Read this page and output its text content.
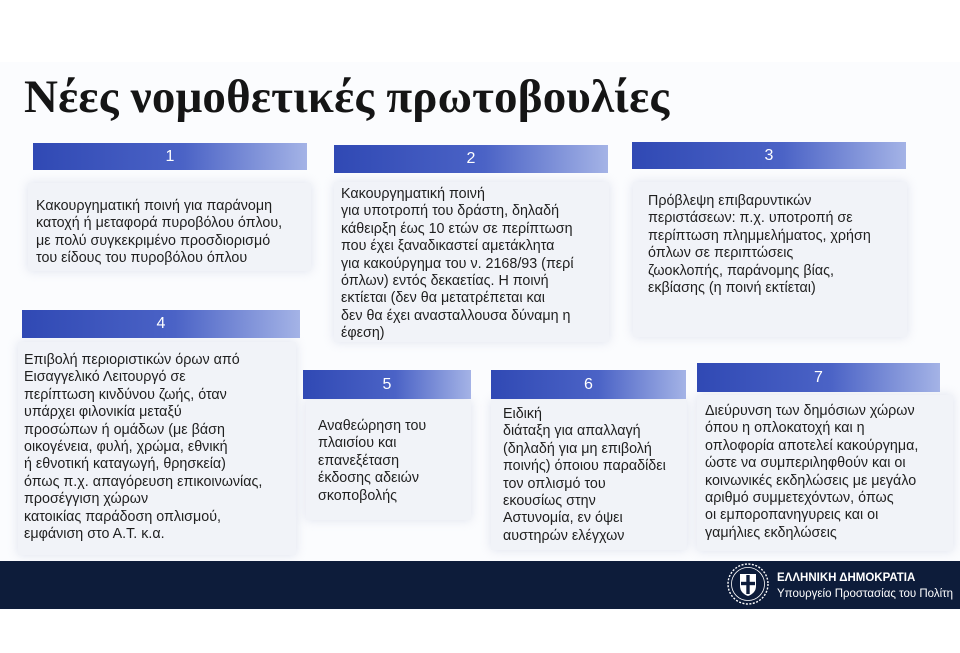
Νέες νομοθετικές πρωτοβουλίες
1
Κακουργηματική ποινή για παράνομη
κατοχή ή μεταφορά πυροβόλου όπλου,
με πολύ συγκεκριμένο προσδιορισμό
του είδους του πυροβόλου όπλου
2
Κακουργηματική ποινή
για υποτροπή του δράστη, δηλαδή
κάθειρξη έως 10 ετών σε περίπτωση
που έχει ξαναδικαστεί αμετάκλητα
για κακούργημα του ν. 2168/93 (περί
όπλων) εντός δεκαετίας. Η ποινή
εκτίεται (δεν θα μετατρέπεται και
δεν θα έχει ανασταλλουσα δύναμη η
έφεση)
3
Πρόβλεψη επιβαρυντικών
περιστάσεων: π.χ. υποτροπή σε
περίπτωση πλημμελήματος, χρήση
όπλων σε περιπτώσεις
ζωοκλοπής, παράνομης βίας,
εκβίασης (η ποινή εκτίεται)
4
Επιβολή περιοριστικών όρων από
Εισαγγελικό Λειτουργό σε
περίπτωση κινδύνου ζωής, όταν
υπάρχει φιλονικία μεταξύ
προσώπων ή ομάδων (με βάση
οικογένεια, φυλή, χρώμα, εθνική
ή εθνοτική καταγωγή, θρησκεία)
όπως π.χ. απαγόρευση επικοινωνίας,
προσέγγιση χώρων
κατοικίας παράδοση οπλισμού,
εμφάνιση στο Α.Τ. κ.α.
5
Αναθεώρηση του
πλαισίου και
επανεξέταση
έκδοσης αδειών
σκοποβολής
6
Ειδική
διάταξη για απαλλαγή
(δηλαδή για μη επιβολή
ποινής) όποιου παραδίδει
τον οπλισμό του
εκουσίως στην
Αστυνομία, εν όψει
αυστηρών ελέγχων
7
Διεύρυνση των δημόσιων χώρων
όπου η οπλοκατοχή και η
οπλοφορία αποτελεί κακούργημα,
ώστε να συμπεριληφθούν και οι
κοινωνικές εκδηλώσεις με μεγάλο
αριθμό συμμετεχόντων, όπως
οι εμποροπανηγυρεις και οι
γαμήλιες εκδηλώσεις
ΕΛΛΗΝΙΚΗ ΔΗΜΟΚΡΑΤΙΑ
Υπουργείο Προστασίας του Πολίτη
